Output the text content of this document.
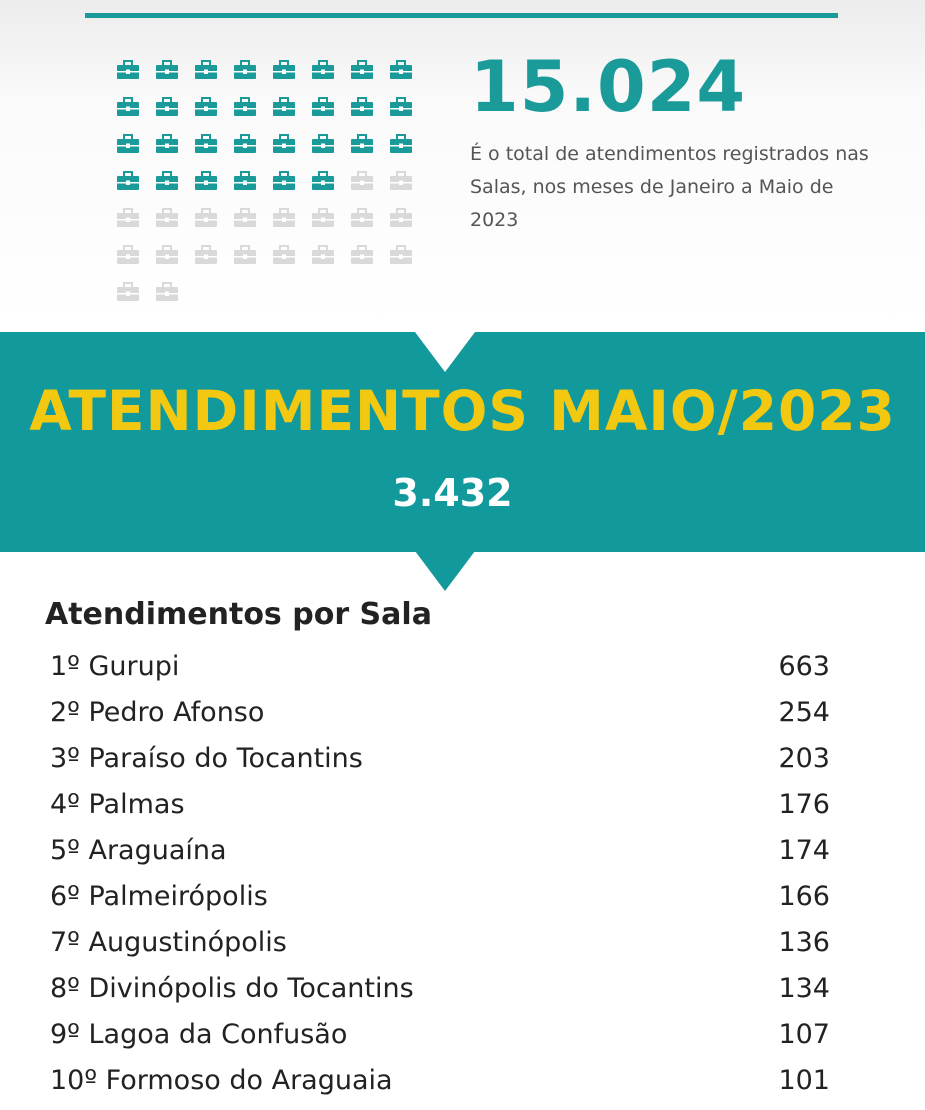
15.024

É o total de atendimentos registrados nas Salas, nos meses de Janeiro a Maio de 2023

ATENDIMENTOS MAIO/2023
3.432
Atendimentos por Sala
1º Gurupi	663
2º Pedro Afonso	254
3º Paraíso do Tocantins	203
4º Palmas	176
5º Araguaína	174
6º Palmeirópolis	166
7º Augustinópolis	136
8º Divinópolis do Tocantins	134
9º Lagoa da Confusão	107
10º Formoso do Araguaia	101
